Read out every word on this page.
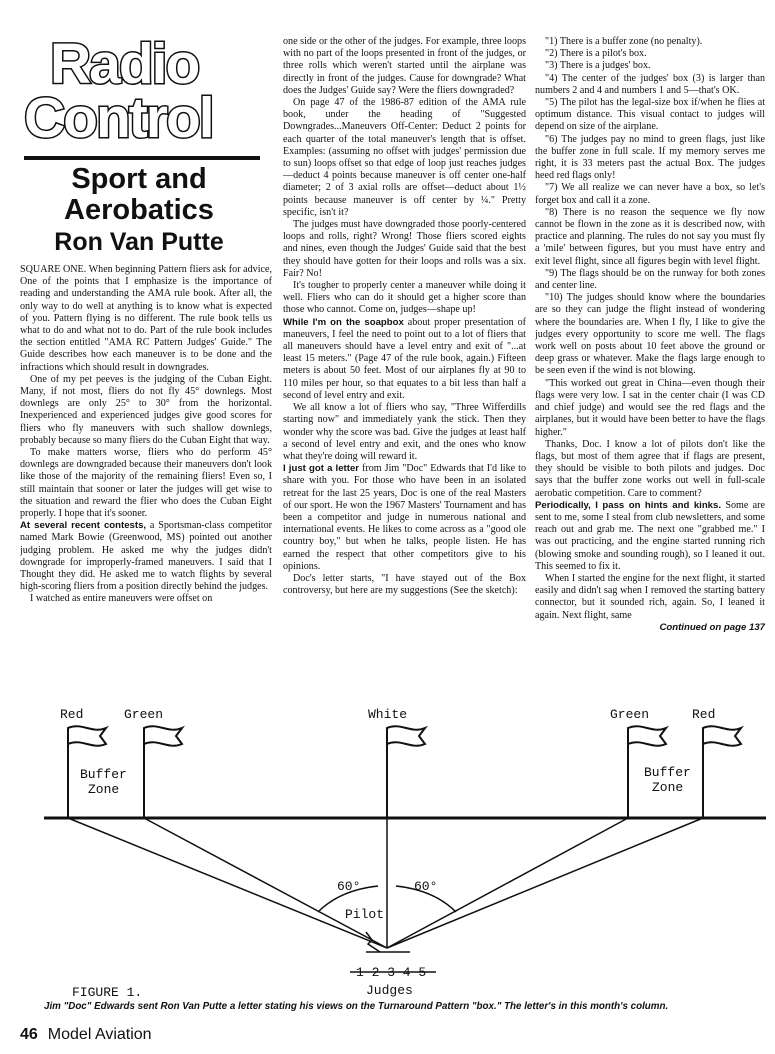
Radio
Control
Sport and
Aerobatics
Ron Van Putte

SQUARE ONE. When beginning Pattern fliers ask for advice, One of the points that I emphasize is the importance of reading and understanding the AMA rule book. After all, the only way to do well at anything is to know what is expected of you. Pattern flying is no different. The rule book tells us what to do and what not to do. Part of the rule book includes the section entitled "AMA RC Pattern Judges' Guide." The Guide describes how each maneuver is to be done and the infractions which should result in downgrades.

One of my pet peeves is the judging of the Cuban Eight. Many, if not most, fliers do not fly 45° downlegs. Most downlegs are only 25° to 30° from the horizontal. Inexperienced and experienced judges give good scores for fliers who fly maneuvers with such shallow downlegs, probably because so many fliers do the Cuban Eight that way.

To make matters worse, fliers who do perform 45° downlegs are downgraded because their maneuvers don't look like those of the majority of the remaining fliers! Even so, I still maintain that sooner or later the judges will get wise to the situation and reward the flier who does the Cuban Eight properly. I hope that it's sooner.

At several recent contests, a Sportsman-class competitor named Mark Bowie (Greenwood, MS) pointed out another judging problem. He asked me why the judges didn't downgrade for improperly-framed maneuvers. I said that I Thought they did. He asked me to watch flights by several high-scoring fliers from a position directly behind the judges.

I watched as entire maneuvers were offset on

one side or the other of the judges. For example, three loops with no part of the loops presented in front of the judges, or three rolls which weren't started until the airplane was directly in front of the judges. Cause for downgrade? What does the Judges' Guide say? Were the fliers downgraded?

On page 47 of the 1986-87 edition of the AMA rule book, under the heading of "Suggested Downgrades...Maneuvers Off-Center: Deduct 2 points for each quarter of the total maneuver's length that is offset. Examples: (assuming no offset with judges' permission due to sun) loops offset so that edge of loop just reaches judges—deduct 4 points because maneuver is off center one-half diameter; 2 of 3 axial rolls are offset—deduct about 1½ points because maneuver is off center by ¼." Pretty specific, isn't it?

The judges must have downgraded those poorly-centered loops and rolls, right? Wrong! Those fliers scored eights and nines, even though the Judges' Guide said that the best they should have gotten for their loops and rolls was a six. Fair? No!

It's tougher to properly center a maneuver while doing it well. Fliers who can do it should get a higher score than those who cannot. Come on, judges—shape up!

While I'm on the soapbox about proper presentation of maneuvers, I feel the need to point out to a lot of fliers that all maneuvers should have a level entry and exit of "...at least 15 meters." (Page 47 of the rule book, again.) Fifteen meters is about 50 feet. Most of our airplanes fly at 90 to 110 miles per hour, so that equates to a bit less than half a second of level entry and exit.

We all know a lot of fliers who say, "Three Wifferdills starting now" and immediately yank the stick. Then they wonder why the score was bad. Give the judges at least half a second of level entry and exit, and the ones who know what they're doing will reward it.

I just got a letter from Jim "Doc" Edwards that I'd like to share with you. For those who have been in an isolated retreat for the last 25 years, Doc is one of the real Masters of our sport. He won the 1967 Masters' Tournament and has been a competitor and judge in numerous national and international events. He likes to come across as a "good ole country boy," but when he talks, people listen. He has earned the respect that other competitors give to his opinions.

Doc's letter starts, "I have stayed out of the Box controversy, but here are my suggestions (See the sketch):

"1) There is a buffer zone (no penalty).

"2) There is a pilot's box.

"3) There is a judges' box.

"4) The center of the judges' box (3) is larger than numbers 2 and 4 and numbers 1 and 5—that's OK.

"5) The pilot has the legal-size box if/when he flies at optimum distance. This visual contact to judges will depend on size of the airplane.

"6) The judges pay no mind to green flags, just like the buffer zone in full scale. If my memory serves me right, it is 33 meters past the actual Box. The judges heed red flags only!

"7) We all realize we can never have a box, so let's forget box and call it a zone.

"8) There is no reason the sequence we fly now cannot be flown in the zone as it is described now, with practice and planning. The rules do not say you must fly a 'mile' between figures, but you must have entry and exit level flight, since all figures begin with level flight.

"9) The flags should be on the runway for both zones and center line.

"10) The judges should know where the boundaries are so they can judge the flight instead of wondering where the boundaries are. When I fly, I like to give the judges every opportunity to score me well. The flags work well on posts about 10 feet above the ground or deep grass or whatever. Make the flags large enough to be seen even if the wind is not blowing.

"This worked out great in China—even though their flags were very low. I sat in the center chair (I was CD and chief judge) and would see the red flags and the airplanes, but it would have been better to have the flags higher."

Thanks, Doc. I know a lot of pilots don't like the flags, but most of them agree that if flags are present, they should be visible to both pilots and judges. Doc says that the buffer zone works out well in full-scale aerobatic competition. Care to comment?

Periodically, I pass on hints and kinks. Some are sent to me, some I steal from club newsletters, and some reach out and grab me. The next one "grabbed me." I was out practicing, and the engine started running rich (blowing smoke and sounding rough), so I leaned it out. This seemed to fix it.

When I started the engine for the next flight, it started easily and didn't sag when I removed the starting battery connector, but it sounded rich, again. So, I leaned it again. Next flight, same

Continued on page 137
Red	Green	White	Green	Red
Buffer
Zone
Buffer
Zone
60°	60°
Pilot
1 2 3 4 5
Judges
FIGURE 1.
Jim "Doc" Edwards sent Ron Van Putte a letter stating his views on the Turnaround Pattern "box." The letter's in this month's column.
46 Model Aviation
